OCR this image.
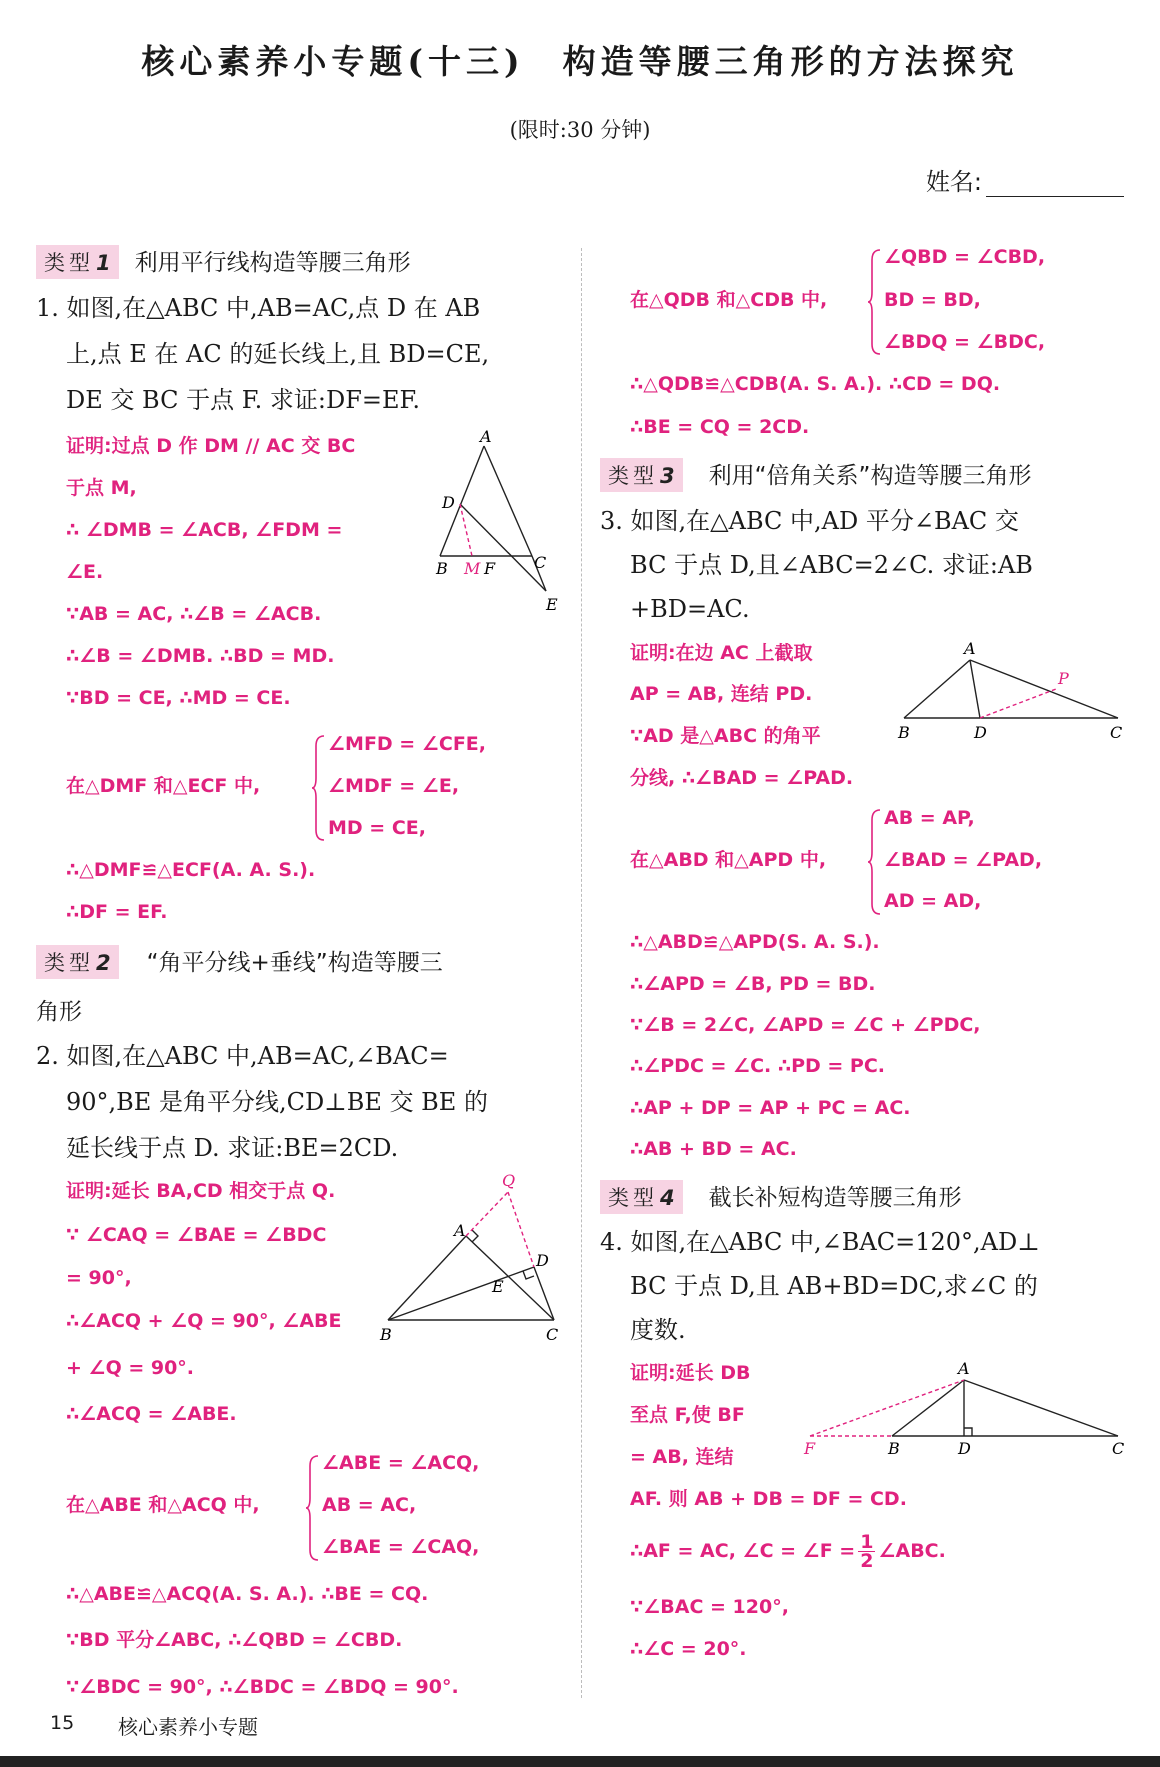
核心素养小专题(十三)　构造等腰三角形的方法探究
(限时:30 分钟)
姓名:
类型1 利用平行线构造等腰三角形
1. 如图,在△ABC 中,AB=AC,点 D 在 AB
上,点 E 在 AC 的延长线上,且 BD=CE,
DE 交 BC 于点 F. 求证:DF=EF.
证明:过点 D 作 DM // AC 交 BC
于点 M,
∴ ∠DMB = ∠ACB, ∠FDM =
∠E.
∵AB = AC, ∴∠B = ∠ACB.
∴∠B = ∠DMB. ∴BD = MD.
∵BD = CE, ∴MD = CE.
在△DMF 和△ECF 中,
∠MFD = ∠CFE,
∠MDF = ∠E,
MD = CE,
∴△DMF≌△ECF(A. A. S.).
∴DF = EF.
A
D
B M F C
E
类型2 “角平分线+垂线”构造等腰三
角形
2. 如图,在△ABC 中,AB=AC,∠BAC=
90°,BE 是角平分线,CD⊥BE 交 BE 的
延长线于点 D. 求证:BE=2CD.
证明:延长 BA,CD 相交于点 Q.
∵ ∠CAQ = ∠BAE = ∠BDC
= 90°,
∴∠ACQ + ∠Q = 90°, ∠ABE
+ ∠Q = 90°.
∴∠ACQ = ∠ABE.
在△ABE 和△ACQ 中,
∠ABE = ∠ACQ,
AB = AC,
∠BAE = ∠CAQ,
∴△ABE≌△ACQ(A. S. A.). ∴BE = CQ.
∵BD 平分∠ABC, ∴∠QBD = ∠CBD.
∵∠BDC = 90°, ∴∠BDC = ∠BDQ = 90°.
Q
A
D
E
B	C
在△QDB 和△CDB 中,
∠QBD = ∠CBD,
BD = BD,
∠BDQ = ∠BDC,
∴△QDB≌△CDB(A. S. A.). ∴CD = DQ.
∴BE = CQ = 2CD.
类型3 利用“倍角关系”构造等腰三角形
3. 如图,在△ABC 中,AD 平分∠BAC 交
BC 于点 D,且∠ABC=2∠C. 求证:AB
+BD=AC.
证明:在边 AC 上截取
AP = AB, 连结 PD.
∵AD 是△ABC 的角平
分线, ∴∠BAD = ∠PAD.
在△ABD 和△APD 中,
AB = AP,
∠BAD = ∠PAD,
AD = AD,
∴△ABD≌△APD(S. A. S.).
∴∠APD = ∠B, PD = BD.
∵∠B = 2∠C, ∠APD = ∠C + ∠PDC,
∴∠PDC = ∠C. ∴PD = PC.
∴AP + DP = AP + PC = AC.
∴AB + BD = AC.
A
P
B	D	C
类型4 截长补短构造等腰三角形
4. 如图,在△ABC 中,∠BAC=120°,AD⊥
BC 于点 D,且 AB+BD=DC,求∠C 的
度数.
证明:延长 DB
至点 F,使 BF
= AB, 连结
AF. 则 AB + DB = DF = CD.
∴AF = AC, ∠C = ∠F = $\frac{1}{2}$ ∠ABC.
∵∠BAC = 120°,
∴∠C = 20°.
A
F	B	D	C
15 核心素养小专题
